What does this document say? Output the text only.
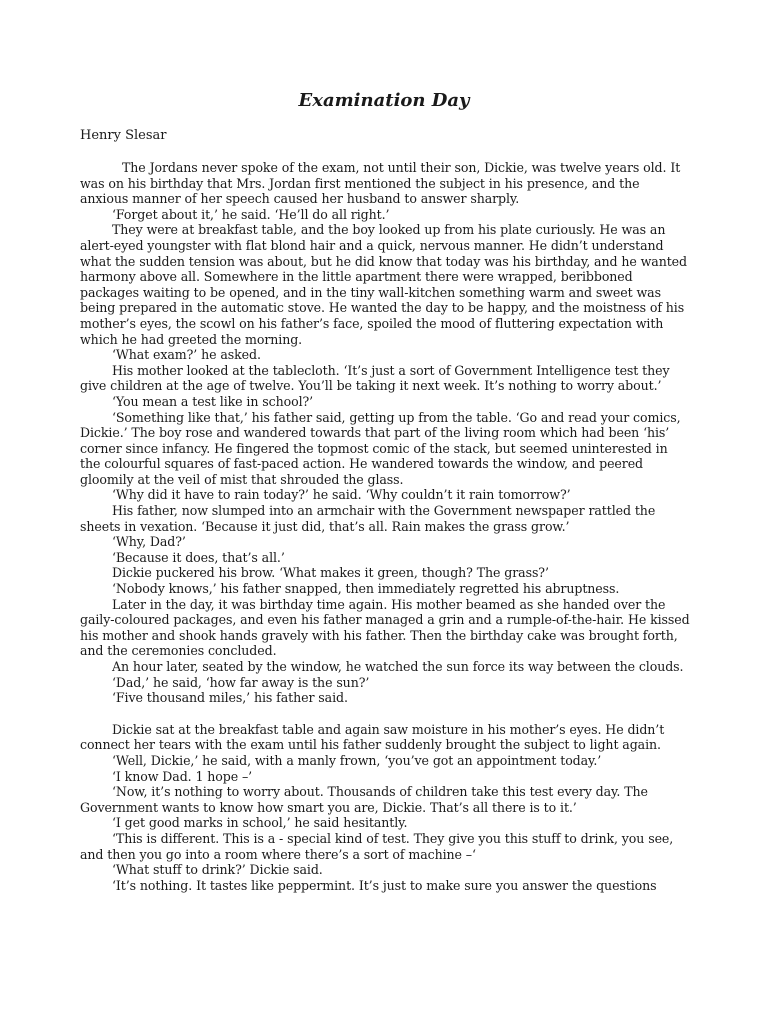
Examination Day

Henry Slesar

The Jordans never spoke of the exam, not until their son, Dickie, was twelve years old. It was on his birthday that Mrs. Jordan first mentioned the subject in his presence, and the anxious manner of her speech caused her husband to answer sharply.

‘Forget about it,’ he said. ‘He’ll do all right.’

They were at breakfast table, and the boy looked up from his plate curiously. He was an alert-eyed youngster with flat blond hair and a quick, nervous manner. He didn’t understand what the sudden tension was about, but he did know that today was his birthday, and he wanted harmony above all. Somewhere in the little apartment there were wrapped, beribboned packages waiting to be opened, and in the tiny wall-kitchen something warm and sweet was being prepared in the automatic stove. He wanted the day to be happy, and the moistness of his mother’s eyes, the scowl on his father’s face, spoiled the mood of fluttering expectation with which he had greeted the morning.

‘What exam?’ he asked.

His mother looked at the tablecloth. ‘It’s just a sort of Government Intelligence test they give children at the age of twelve. You’ll be taking it next week. It’s nothing to worry about.’

‘You mean a test like in school?’

‘Something like that,’ his father said, getting up from the table. ‘Go and read your comics, Dickie.’ The boy rose and wandered towards that part of the living room which had been ‘his’ corner since infancy. He fingered the topmost comic of the stack, but seemed uninterested in the colourful squares of fast-paced action. He wandered towards the window, and peered gloomily at the veil of mist that shrouded the glass.

‘Why did it have to rain today?’ he said. ‘Why couldn’t it rain tomorrow?’

His father, now slumped into an armchair with the Government newspaper rattled the sheets in vexation. ‘Because it just did, that’s all. Rain makes the grass grow.’

‘Why, Dad?’

‘Because it does, that’s all.’

Dickie puckered his brow. ‘What makes it green, though? The grass?’

‘Nobody knows,’ his father snapped, then immediately regretted his abruptness.

Later in the day, it was birthday time again. His mother beamed as she handed over the gaily-coloured packages, and even his father managed a grin and a rumple-of-the-hair. He kissed his mother and shook hands gravely with his father. Then the birthday cake was brought forth, and the ceremonies concluded.

An hour later, seated by the window, he watched the sun force its way between the clouds.

‘Dad,’ he said, ‘how far away is the sun?’

‘Five thousand miles,’ his father said.

Dickie sat at the breakfast table and again saw moisture in his mother’s eyes. He didn’t connect her tears with the exam until his father suddenly brought the subject to light again.

‘Well, Dickie,’ he said, with a manly frown, ‘you’ve got an appointment today.’

‘I know Dad. 1 hope –’

‘Now, it’s nothing to worry about. Thousands of children take this test every day. The Government wants to know how smart you are, Dickie. That’s all there is to it.’

‘I get good marks in school,’ he said hesitantly.

‘This is different. This is a - special kind of test. They give you this stuff to drink, you see, and then you go into a room where there’s a sort of machine –‘

‘What stuff to drink?’ Dickie said.

‘It’s nothing. It tastes like peppermint. It’s just to make sure you answer the questions
